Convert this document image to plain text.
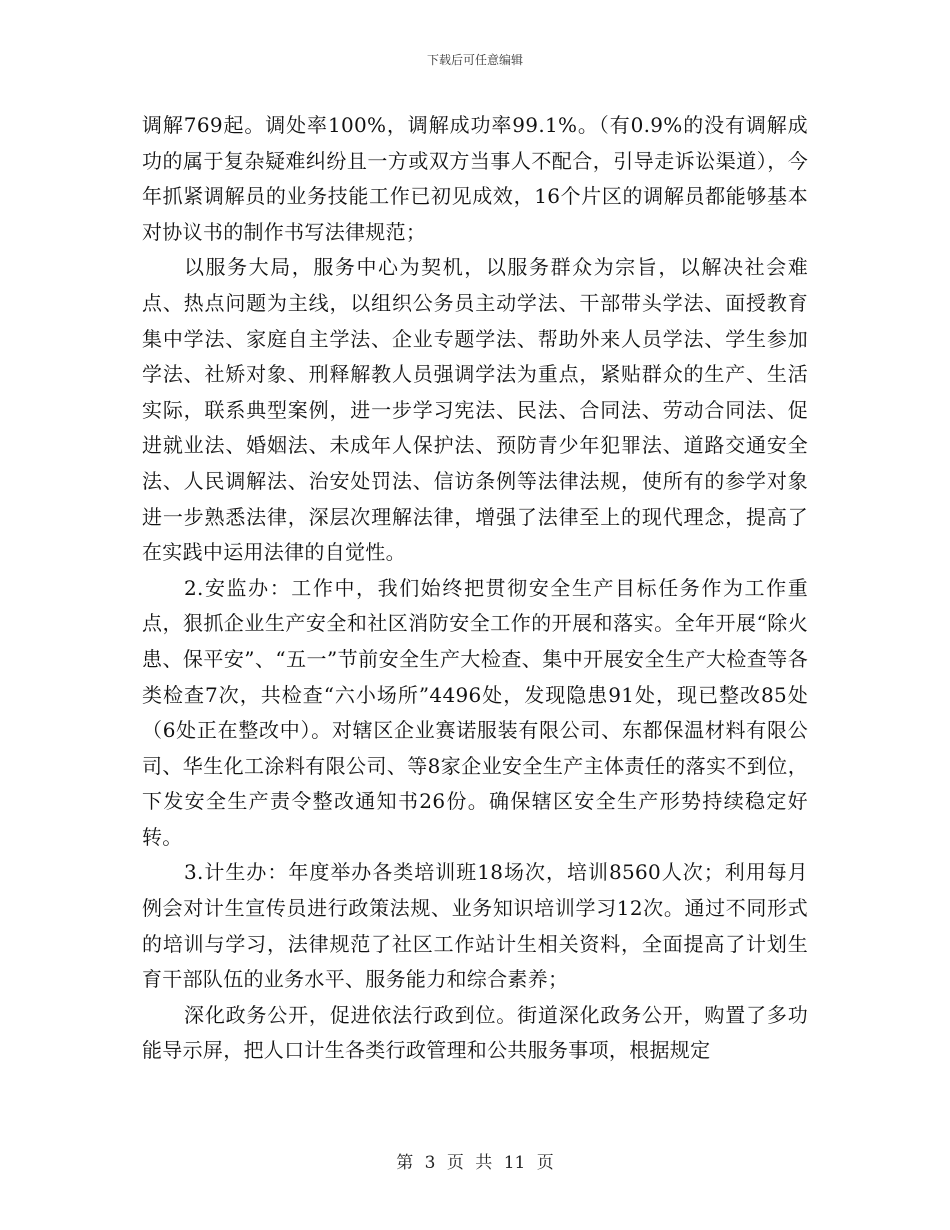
下载后可任意编辑

调解769起。调处率100%，调解成功率99.1%。（有0.9%的没有调解成功的属于复杂疑难纠纷且一方或双方当事人不配合，引导走诉讼渠道），今年抓紧调解员的业务技能工作已初见成效，16个片区的调解员都能够基本对协议书的制作书写法律规范；

以服务大局，服务中心为契机，以服务群众为宗旨，以解决社会难点、热点问题为主线，以组织公务员主动学法、干部带头学法、面授教育集中学法、家庭自主学法、企业专题学法、帮助外来人员学法、学生参加学法、社矫对象、刑释解教人员强调学法为重点，紧贴群众的生产、生活实际，联系典型案例，进一步学习宪法、民法、合同法、劳动合同法、促进就业法、婚姻法、未成年人保护法、预防青少年犯罪法、道路交通安全法、人民调解法、治安处罚法、信访条例等法律法规，使所有的参学对象进一步熟悉法律，深层次理解法律，增强了法律至上的现代理念，提高了在实践中运用法律的自觉性。

2.安监办：工作中，我们始终把贯彻安全生产目标任务作为工作重点，狠抓企业生产安全和社区消防安全工作的开展和落实。全年开展“除火患、保平安”、“五一”节前安全生产大检查、集中开展安全生产大检查等各类检查7次，共检查“六小场所”4496处，发现隐患91处，现已整改85处（6处正在整改中）。对辖区企业赛诺服装有限公司、东都保温材料有限公司、华生化工涂料有限公司、等8家企业安全生产主体责任的落实不到位，下发安全生产责令整改通知书26份。确保辖区安全生产形势持续稳定好转。

3.计生办：年度举办各类培训班18场次，培训8560人次；利用每月例会对计生宣传员进行政策法规、业务知识培训学习12次。通过不同形式的培训与学习，法律规范了社区工作站计生相关资料，全面提高了计划生育干部队伍的业务水平、服务能力和综合素养；

深化政务公开，促进依法行政到位。街道深化政务公开，购置了多功能导示屏，把人口计生各类行政管理和公共服务事项，根据规定

第 3 页 共 11 页
